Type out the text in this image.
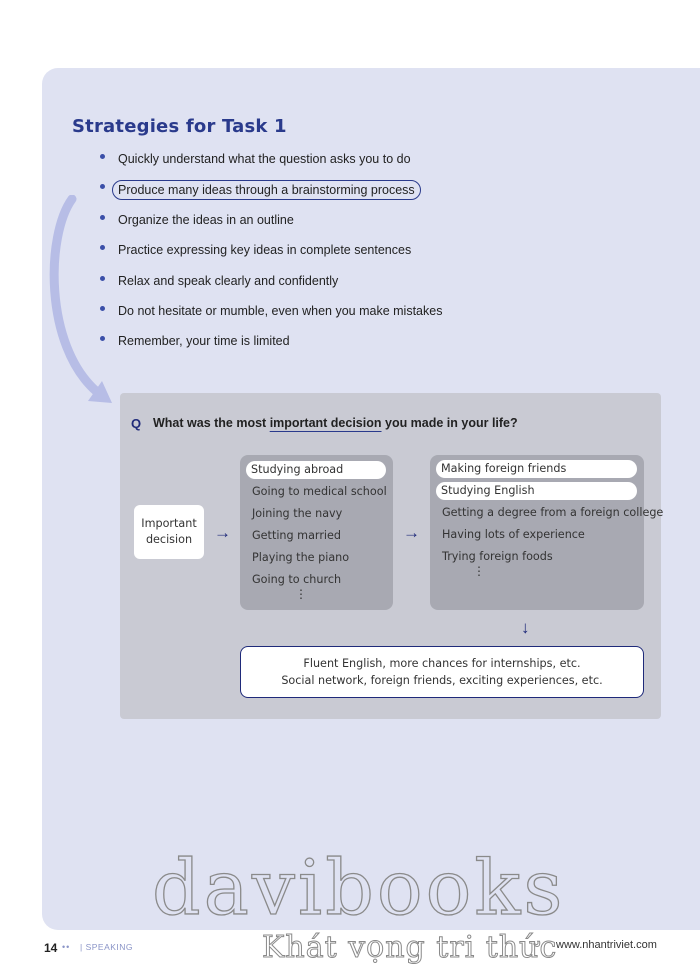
Strategies for Task 1
Quickly understand what the question asks you to do
Produce many ideas through a brainstorming process
Organize the ideas in an outline
Practice expressing key ideas in complete sentences
Relax and speak clearly and confidently
Do not hesitate or mumble, even when you make mistakes
Remember, your time is limited
Q What was the most important decision you made in your life?

Important
decision →
Studying abroad
Going to medical school
Joining the navy
Getting married
Playing the piano
Going to church
⋮
→
Making foreign friends
Studying English
Getting a degree from a foreign college
Having lots of experience
Trying foreign foods
⋮
↓
Fluent English, more chances for internships, etc.
Social network, foreign friends, exciting experiences, etc.
davibooks
Khát vọng tri thức
14 •• | SPEAKING	www.nhantriviet.com
